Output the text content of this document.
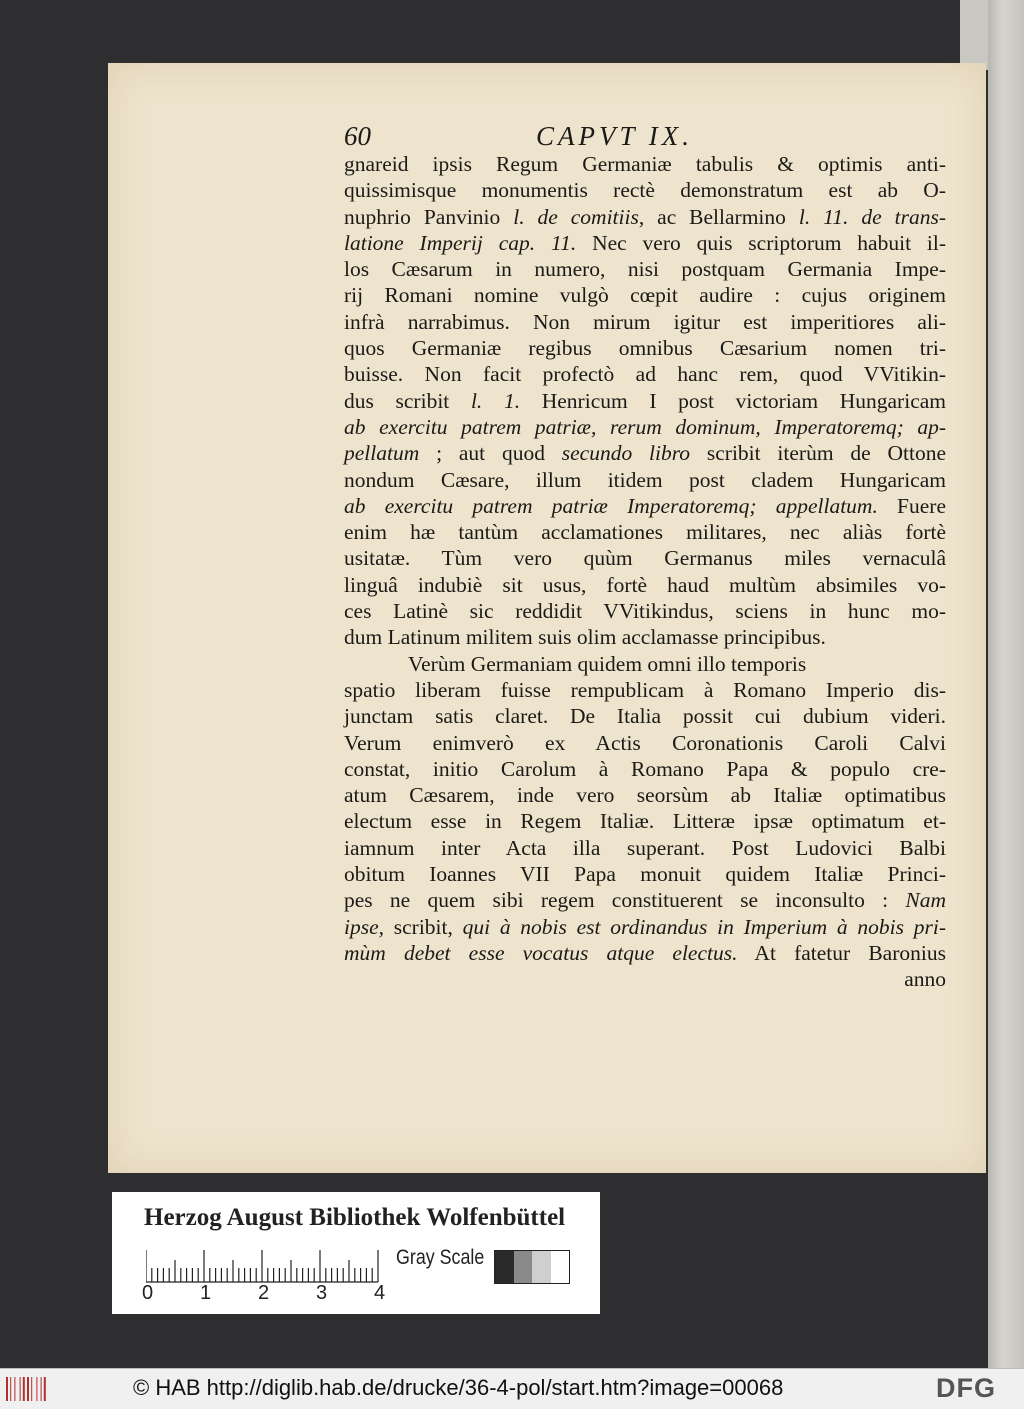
60	CAPVT IX.
gnareid ipsis Regum Germaniæ tabulis & optimis anti-
quissimisque monumentis rectè demonstratum est ab O-
nuphrio Panvinio l. de comitiis, ac Bellarmino l. 11. de trans-
latione Imperij cap. 11. Nec vero quis scriptorum habuit il-
los Cæsarum in numero, nisi postquam Germania Impe-
rij Romani nomine vulgò cœpit audire : cujus originem
infrà narrabimus. Non mirum igitur est imperitiores ali-
quos Germaniæ regibus omnibus Cæsarium nomen tri-
buisse. Non facit profectò ad hanc rem, quod VVitikin-
dus scribit l. 1. Henricum I post victoriam Hungaricam
ab exercitu patrem patriæ, rerum dominum, Imperatoremq; ap-
pellatum ; aut quod secundo libro scribit iterùm de Ottone
nondum Cæsare, illum itidem post cladem Hungaricam
ab exercitu patrem patriæ Imperatoremq; appellatum. Fuere
enim hæ tantùm acclamationes militares, nec aliàs fortè
usitatæ. Tùm vero quùm Germanus miles vernaculâ
linguâ indubiè sit usus, fortè haud multùm absimiles vo-
ces Latinè sic reddidit VVitikindus, sciens in hunc mo-
dum Latinum militem suis olim acclamasse principibus.
Verùm Germaniam quidem omni illo temporis
spatio liberam fuisse rempublicam à Romano Imperio dis-
junctam satis claret. De Italia possit cui dubium videri.
Verum enimverò ex Actis Coronationis Caroli Calvi
constat, initio Carolum à Romano Papa & populo cre-
atum Cæsarem, inde vero seorsùm ab Italiæ optimatibus
electum esse in Regem Italiæ. Litteræ ipsæ optimatum et-
iamnum inter Acta illa superant. Post Ludovici Balbi
obitum Ioannes VII Papa monuit quidem Italiæ Princi-
pes ne quem sibi regem constituerent se inconsulto : Nam
ipse, scribit, qui à nobis est ordinandus in Imperium à nobis pri-
mùm debet esse vocatus atque electus. At fatetur Baronius
anno
Herzog August Bibliothek Wolfenbüttel
0 1 2 3 4
Gray Scale
© HAB http://diglib.hab.de/drucke/36-4-pol/start.htm?image=00068	DFG
